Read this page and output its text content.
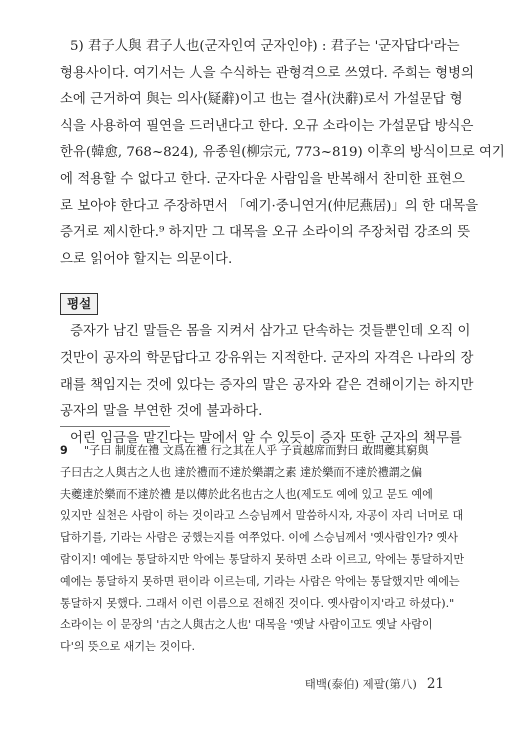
5) 君子人與 君子人也(군자인여 군자인야) : 君子는 '군자답다'라는
형용사이다. 여기서는 人을 수식하는 관형격으로 쓰였다. 주희는 형병의
소에 근거하여 與는 의사(疑辭)이고 也는 결사(決辭)로서 가설문답 형
식을 사용하여 필연을 드러낸다고 한다. 오규 소라이는 가설문답 방식은
한유(韓愈, 768~824), 유종원(柳宗元, 773~819) 이후의 방식이므로 여기
에 적용할 수 없다고 한다. 군자다운 사람임을 반복해서 찬미한 표현으
로 보아야 한다고 주장하면서 「예기·중니연거(仲尼燕居)」의 한 대목을
증거로 제시한다.⁹ 하지만 그 대목을 오규 소라이의 주장처럼 강조의 뜻
으로 읽어야 할지는 의문이다.
평설
증자가 남긴 말들은 몸을 지켜서 삼가고 단속하는 것들뿐인데 오직 이
것만이 공자의 학문답다고 강유위는 지적한다. 군자의 자격은 나라의 장
래를 책임지는 것에 있다는 증자의 말은 공자와 같은 견해이기는 하지만
공자의 말을 부연한 것에 불과하다.
어린 임금을 맡긴다는 말에서 알 수 있듯이 증자 또한 군자의 책무를

9 "子曰 制度在禮 文爲在禮 行之其在人乎 子貢越席而對曰 敢問夔其窮與

子曰古之人與古之人也 達於禮而不達於樂謂之素 達於樂而不達於禮謂之偏

夫夔達於樂而不達於禮 是以傳於此名也古之人也(제도도 예에 있고 문도 예에

있지만 실천은 사람이 하는 것이라고 스승님께서 말씀하시자, 자공이 자리 너머로 대

답하기를, 기라는 사람은 궁했는지를 여쭈었다. 이에 스승님께서 '옛사람인가? 옛사

람이지! 예에는 통달하지만 악에는 통달하지 못하면 소라 이르고, 악에는 통달하지만

예에는 통달하지 못하면 편이라 이르는데, 기라는 사람은 악에는 통달했지만 예에는

통달하지 못했다. 그래서 이런 이름으로 전해진 것이다. 옛사람이지'라고 하셨다)."

소라이는 이 문장의 '古之人與古之人也' 대목을 '옛날 사람이고도 옛날 사람이

다'의 뜻으로 새기는 것이다.

태백(泰伯) 제팔(第八) 21
